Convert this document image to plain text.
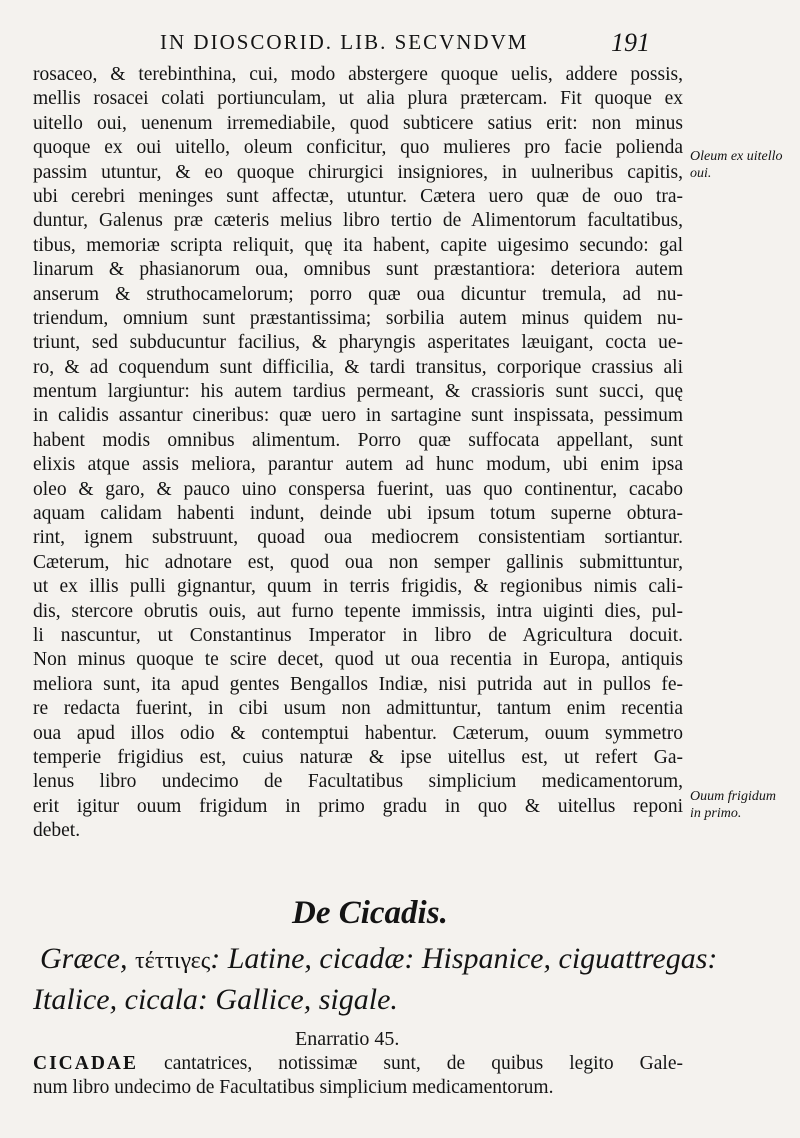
IN DIOSCORID. LIB. SECVNDVM	191
rosaceo, & terebinthina, cui, modo abstergere quoque uelis, addere possis,
mellis rosacei colati portiunculam, ut alia plura prætercam. Fit quoque ex
uitello oui, uenenum irremediabile, quod subticere satius erit: non minus
quoque ex oui uitello, oleum conficitur, quo mulieres pro facie polienda
passim utuntur, & eo quoque chirurgici insigniores, in uulneribus capitis,
ubi cerebri meninges sunt affectæ, utuntur. Cætera uero quæ de ouo tra-
duntur, Galenus præ cæteris melius libro tertio de Alimentorum facultatibus,
tibus, memoriæ scripta reliquit, quę ita habent, capite uigesimo secundo: gal
linarum & phasianorum oua, omnibus sunt præstantiora: deteriora autem
anserum & struthocamelorum; porro quæ oua dicuntur tremula, ad nu-
triendum, omnium sunt præstantissima; sorbilia autem minus quidem nu-
triunt, sed subducuntur facilius, & pharyngis asperitates læuigant, cocta ue-
ro, & ad coquendum sunt difficilia, & tardi transitus, corporique crassius ali
mentum largiuntur: his autem tardius permeant, & crassioris sunt succi, quę
in calidis assantur cineribus: quæ uero in sartagine sunt inspissata, pessimum
habent modis omnibus alimentum. Porro quæ suffocata appellant, sunt
elixis atque assis meliora, parantur autem ad hunc modum, ubi enim ipsa
oleo & garo, & pauco uino conspersa fuerint, uas quo continentur, cacabo
aquam calidam habenti indunt, deinde ubi ipsum totum superne obtura-
rint, ignem substruunt, quoad oua mediocrem consistentiam sortiantur.
Cæterum, hic adnotare est, quod oua non semper gallinis submittuntur,
ut ex illis pulli gignantur, quum in terris frigidis, & regionibus nimis cali-
dis, stercore obrutis ouis, aut furno tepente immissis, intra uiginti dies, pul-
li nascuntur, ut Constantinus Imperator in libro de Agricultura docuit.
Non minus quoque te scire decet, quod ut oua recentia in Europa, antiquis
meliora sunt, ita apud gentes Bengallos Indiæ, nisi putrida aut in pullos fe-
re redacta fuerint, in cibi usum non admittuntur, tantum enim recentia
oua apud illos odio & contemptui habentur. Cæterum, ouum symmetro
temperie frigidius est, cuius naturæ & ipse uitellus est, ut refert Ga-
lenus libro undecimo de Facultatibus simplicium medicamentorum,
erit igitur ouum frigidum in primo gradu in quo & uitellus reponi
debet.
Oleum ex uitello oui.
Ouum frigidum in primo.
De Cicadis.
Græce, τέττιγες: Latine, cicadæ: Hispanice, ciguattregas:
Italice, cicala: Gallice, sigale.
Enarratio 45.
CICADAE cantatrices, notissimæ sunt, de quibus legito Gale-
num libro undecimo de Facultatibus simplicium medicamentorum.
